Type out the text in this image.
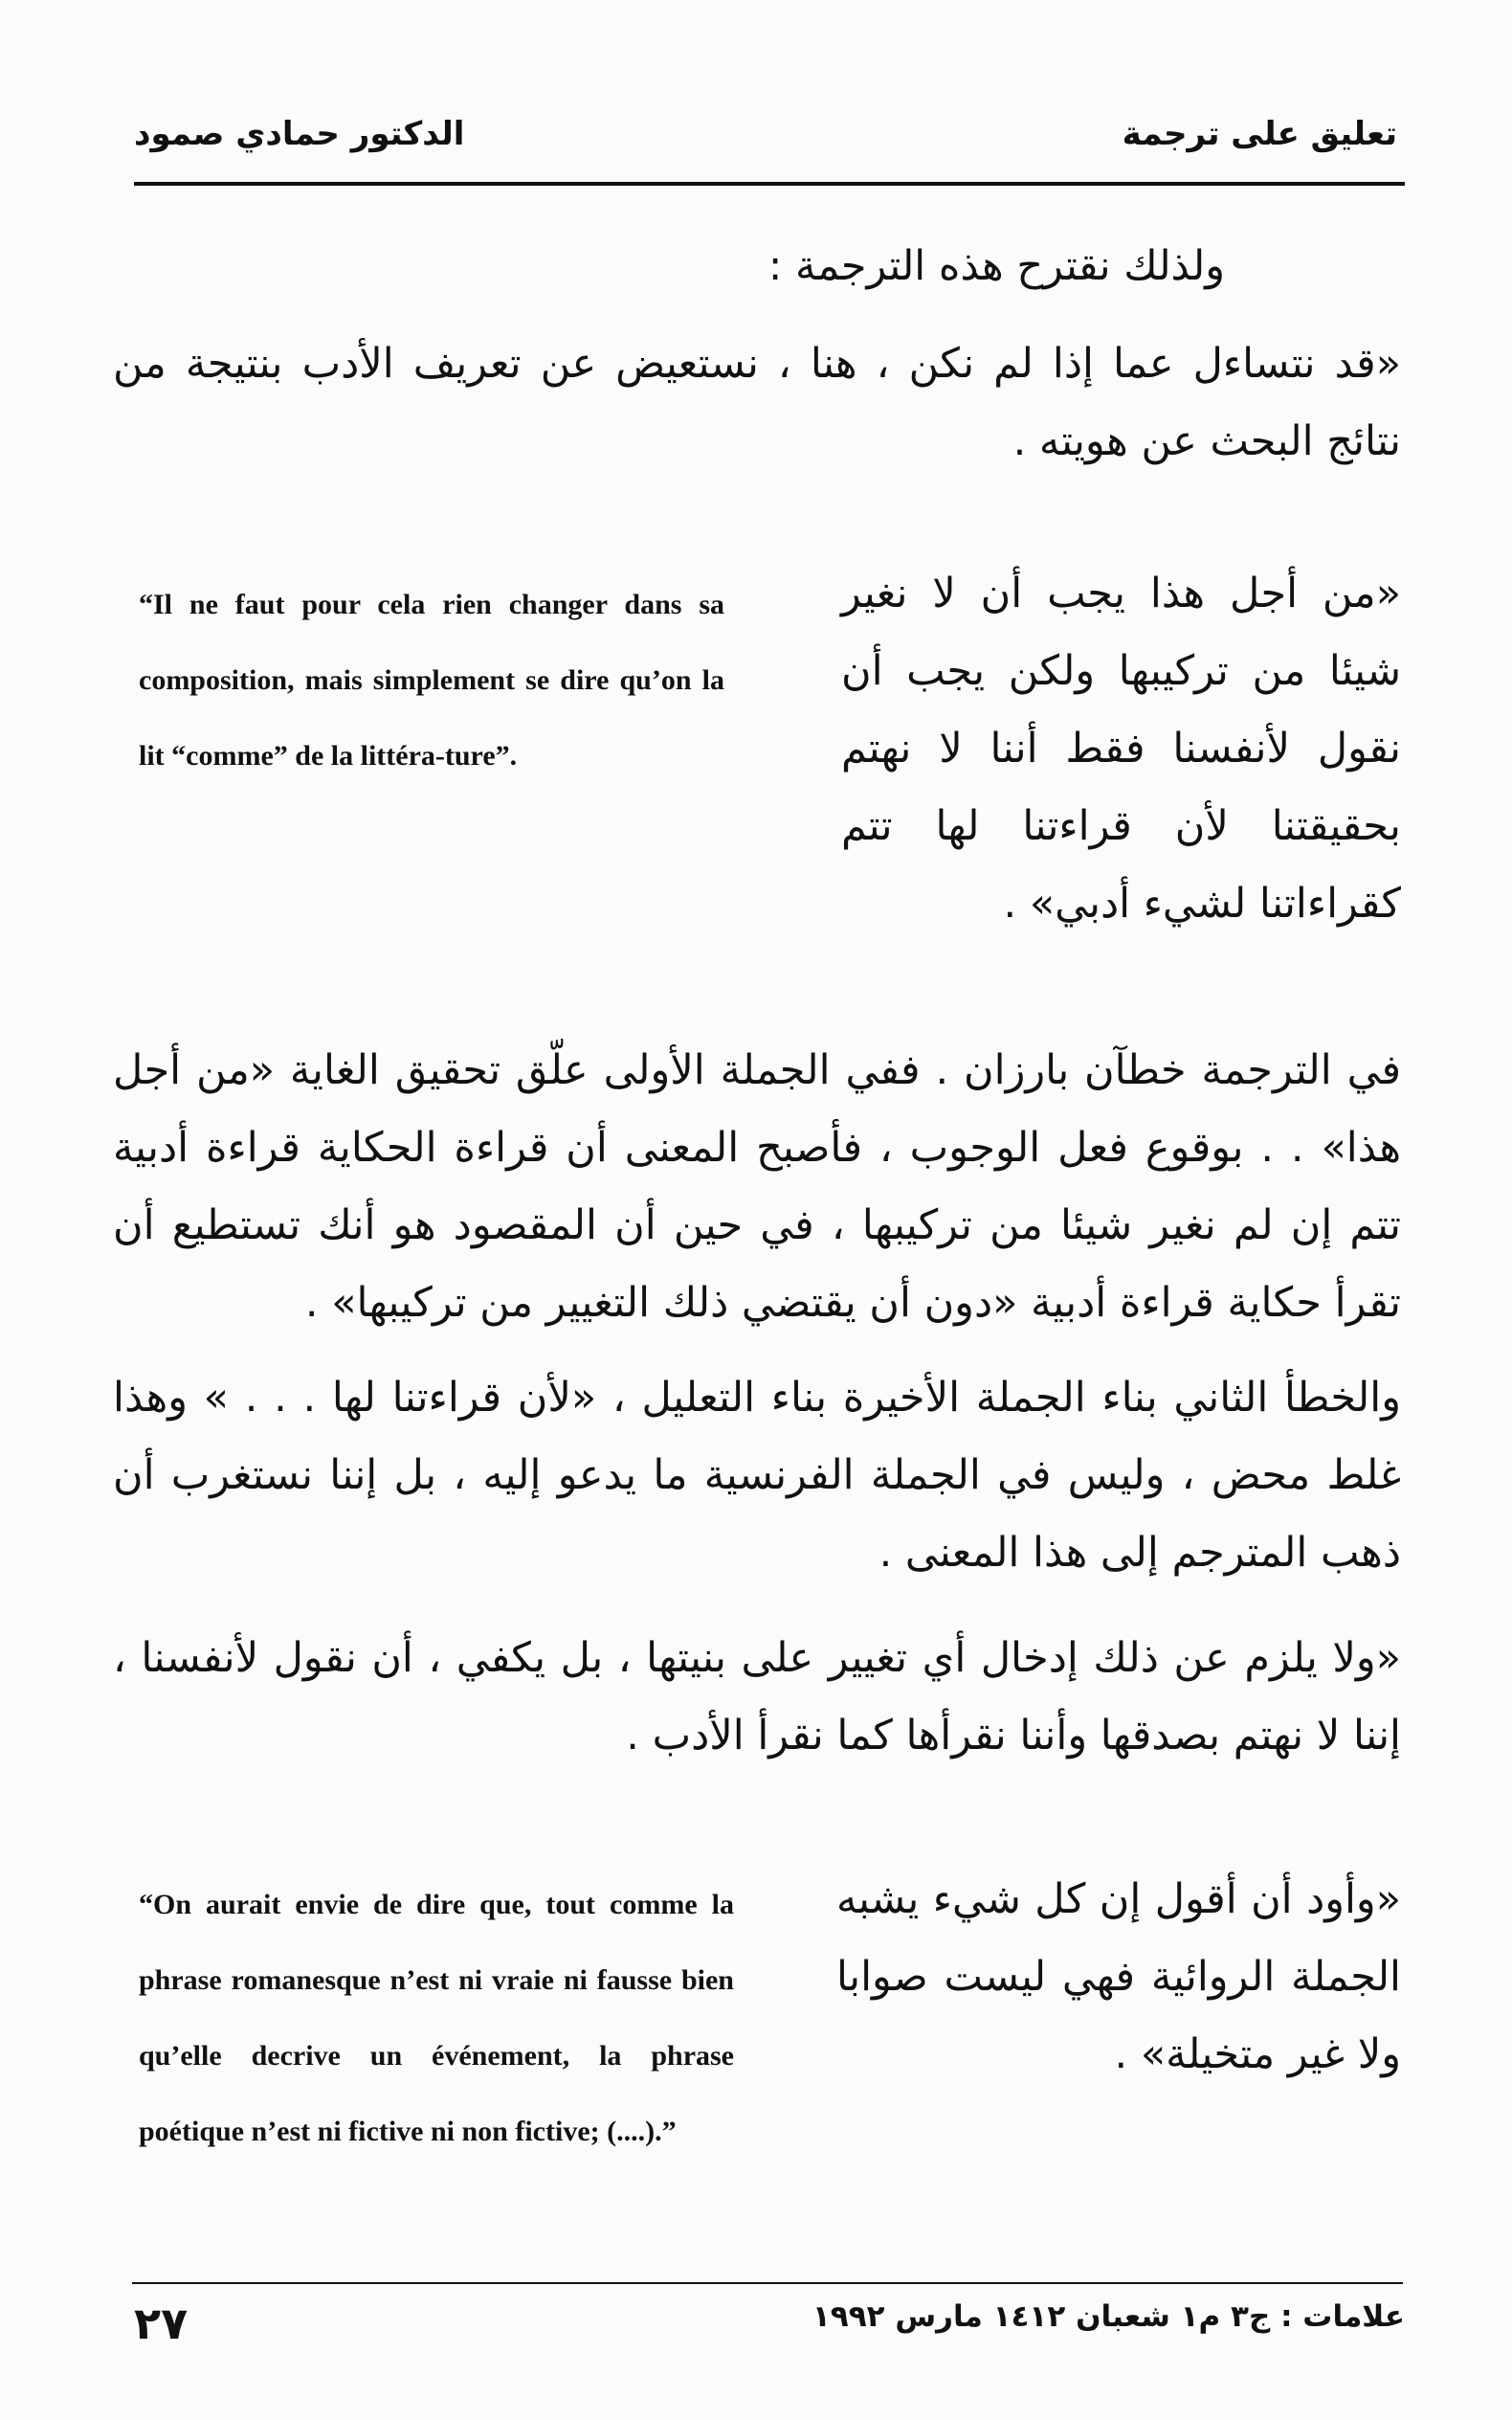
تعليق على ترجمة
الدكتور حمادي صمود
ولذلك نقترح هذه الترجمة :
«قد نتساءل عما إذا لم نكن ، هنا ، نستعيض عن تعريف الأدب بنتيجة من نتائج البحث عن هويته .
«من أجل هذا يجب أن لا نغير شيئا من تركيبها ولكن يجب أن نقول لأنفسنا فقط أننا لا نهتم بحقيقتنا لأن قراءتنا لها تتم كقراءاتنا لشيء أدبي» .
“Il ne faut pour cela rien changer dans sa composition, mais simplement se dire qu’on la lit “comme” de la littéra-ture”.
في الترجمة خطآن بارزان . ففي الجملة الأولى علّق تحقيق الغاية «من أجل هذا» . . بوقوع فعل الوجوب ، فأصبح المعنى أن قراءة الحكاية قراءة أدبية تتم إن لم نغير شيئا من تركيبها ، في حين أن المقصود هو أنك تستطيع أن تقرأ حكاية قراءة أدبية «دون أن يقتضي ذلك التغيير من تركيبها» .
والخطأ الثاني بناء الجملة الأخيرة بناء التعليل ، «لأن قراءتنا لها . . . » وهذا غلط محض ، وليس في الجملة الفرنسية ما يدعو إليه ، بل إننا نستغرب أن ذهب المترجم إلى هذا المعنى .
«ولا يلزم عن ذلك إدخال أي تغيير على بنيتها ، بل يكفي ، أن نقول لأنفسنا ، إننا لا نهتم بصدقها وأننا نقرأها كما نقرأ الأدب .
«وأود أن أقول إن كل شيء يشبه الجملة الروائية فهي ليست صوابا ولا غير متخيلة» .
“On aurait envie de dire que, tout comme la phrase romanesque n’est ni vraie ni fausse bien qu’elle decrive un événement, la phrase poétique n’est ni fictive ni non fictive; (....).”
٢٧	علامات : ج٣ م١ شعبان ١٤١٢ مارس ١٩٩٢
